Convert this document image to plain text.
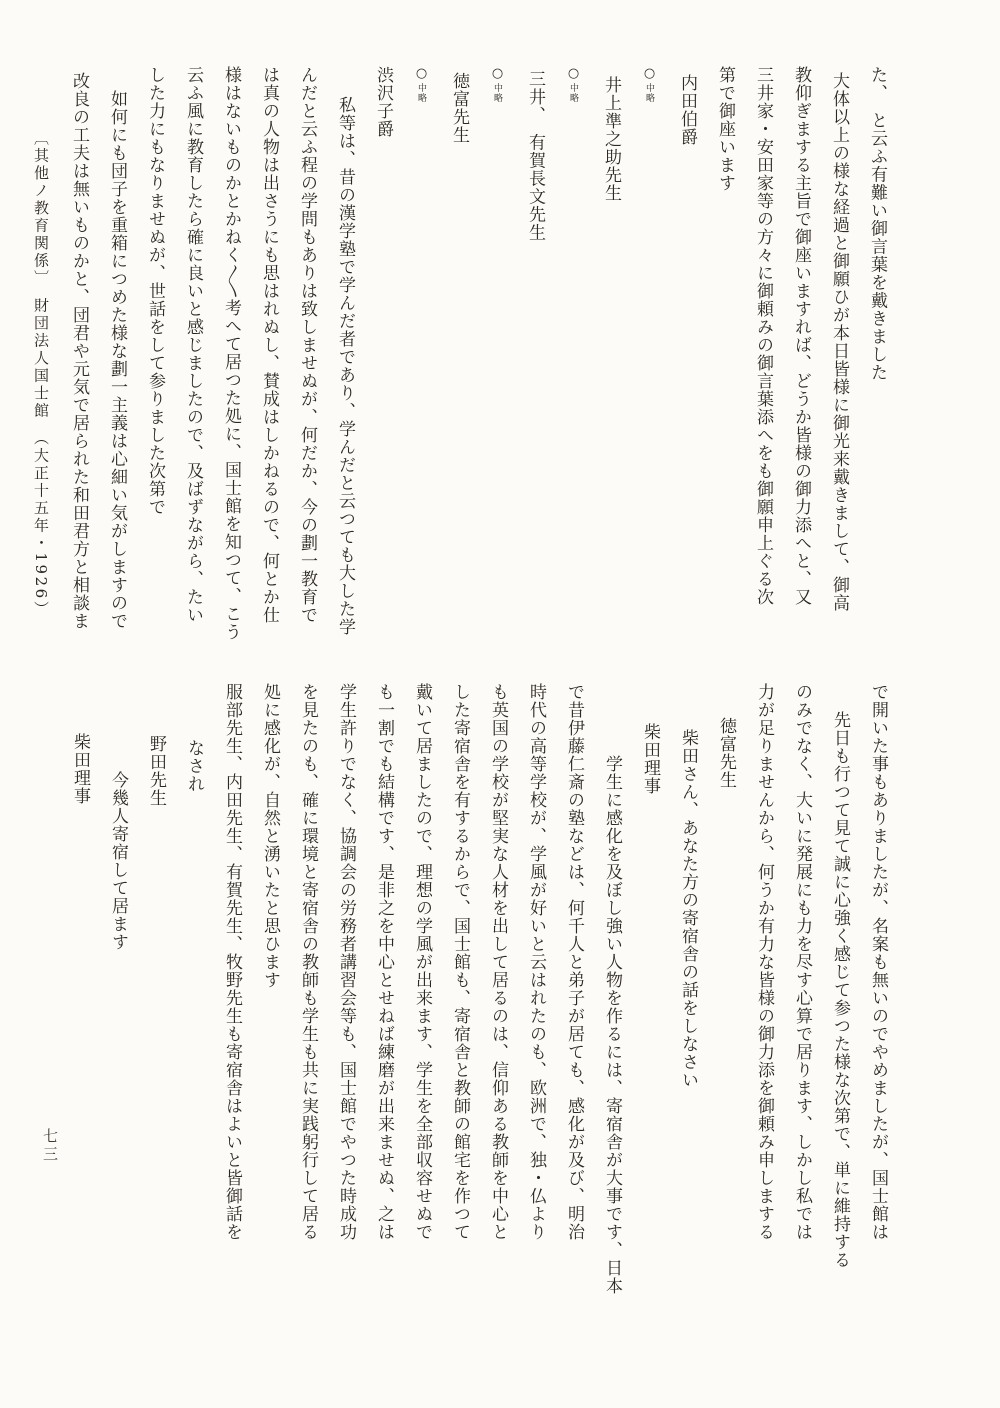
た、　と云ふ有難い御言葉を戴きました
大体以上の様な経過と御願ひが本日皆様に御光来戴きまして、御高
教仰ぎまする主旨で御座いますれば、どうか皆様の御力添へと、又
三井家・安田家等の方々に御頼みの御言葉添へをも御願申上ぐる次
第で御座います
内田伯爵
○中略
井上準之助先生
○中略
三井、　有賀長文先生
○中略
徳富先生
○中略
渋沢子爵
私等は、昔の漢学塾で学んだ者であり、学んだと云つても大した学
んだと云ふ程の学問もありは致しませぬが、何だか、今の劃一教育で
は真の人物は出さうにも思はれぬし、賛成はしかねるので、何とか仕
様はないものかとかねく〱考へて居つた処に、国士館を知つて、こう
云ふ風に教育したら確に良いと感じましたので、及ばずながら、たい
した力にもなりませぬが、世話をして参りました次第で
如何にも団子を重箱につめた様な劃一主義は心細い気がしますので
改良の工夫は無いものかと、団君や元気で居られた和田君方と相談ま
〔其他ノ教育関係〕　財団法人国士館　（大正十五年・1926）
で開いた事もありましたが、名案も無いのでやめましたが、国士館は
先日も行つて見て誠に心強く感じて参つた様な次第で、単に維持する
のみでなく、大いに発展にも力を尽す心算で居ります、しかし私では
力が足りませんから、何うか有力な皆様の御力添を御頼み申しまする
徳富先生
柴田さん、あなた方の寄宿舎の話をしなさい
柴田理事
学生に感化を及ぼし強い人物を作るには、寄宿舎が大事です、日本
で昔伊藤仁斎の塾などは、何千人と弟子が居ても、感化が及び、明治
時代の高等学校が、学風が好いと云はれたのも、欧洲で、独・仏より
も英国の学校が堅実な人材を出して居るのは、信仰ある教師を中心と
した寄宿舎を有するからで、国士館も、寄宿舎と教師の館宅を作つて
戴いて居ましたので、理想の学風が出来ます、学生を全部収容せぬで
も一割でも結構です、是非之を中心とせねば練磨が出来ませぬ、之は
学生許りでなく、協調会の労務者講習会等も、国士館でやつた時成功
を見たのも、確に環境と寄宿舎の教師も学生も共に実践躬行して居る
処に感化が、自然と湧いたと思ひます
服部先生、内田先生、有賀先生、牧野先生も寄宿舎はよいと皆御話を
なされ
野田先生
今幾人寄宿して居ます
柴田理事
七三
